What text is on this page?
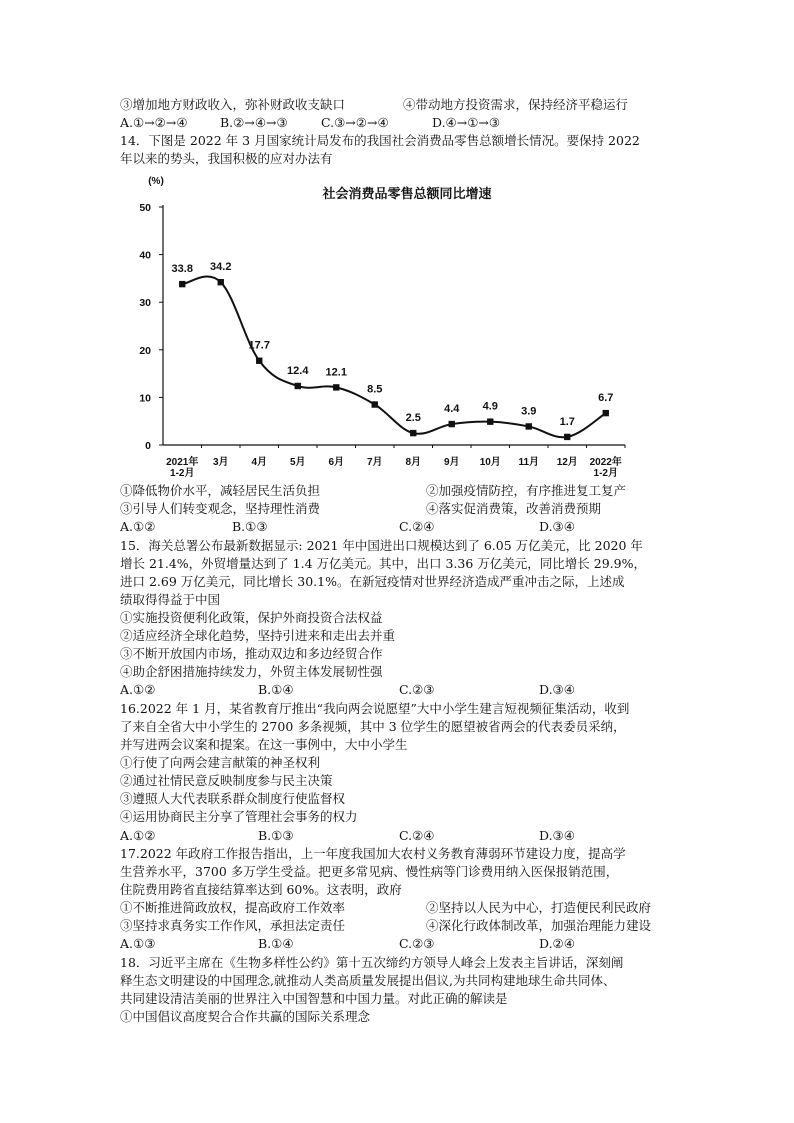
③增加地方财政收入，弥补财政收支缺口	④带动地方投资需求，保持经济平稳运行
A.①→②→④	B.②→④→③	C.③→②→④	D.④→①→③
14．下图是 2022 年 3 月国家统计局发布的我国社会消费品零售总额增长情况。要保持 2022
年以来的势头，我国积极的应对办法有
社会消费品零售总额同比增速
(%)
0
10
20
30
40
50
2021年 1-2月
3月 4月 5月 6月 7月 8月 9月 10月 11月 12月 2022年 1-2月
33.8 34.2
17.7
12.4 12.1
8.5
2.5
4.4 4.9 3.9
1.7
6.7
①降低物价水平，减轻居民生活负担	②加强疫情防控，有序推进复工复产
③引导人们转变观念，坚持理性消费	④落实促消费策，改善消费预期
A.①②	B.①③	C.②④	D.③④
15．海关总署公布最新数据显示: 2021 年中国进出口规模达到了 6.05 万亿美元，比 2020 年
增长 21.4%，外贸增量达到了 1.4 万亿美元。其中，出口 3.36 万亿美元，同比增长 29.9%，
进口 2.69 万亿美元，同比增长 30.1%。在新冠疫情对世界经济造成严重冲击之际，上述成
绩取得得益于中国
①实施投资便利化政策，保护外商投资合法权益
②适应经济全球化趋势，坚持引进来和走出去并重
③不断开放国内市场，推动双边和多边经贸合作
④助企舒困措施持续发力，外贸主体发展韧性强
A.①②	B.①④	C.②③	D.③④
16.2022 年 1 月，某省教育厅推出“我向两会说愿望”大中小学生建言短视频征集活动，收到
了来自全省大中小学生的 2700 多条视频，其中 3 位学生的愿望被省两会的代表委员采纳，
并写进两会议案和提案。在这一事例中，大中小学生
①行使了向两会建言献策的神圣权利
②通过社情民意反映制度参与民主决策
③遵照人大代表联系群众制度行使监督权
④运用协商民主分享了管理社会事务的权力
A.①②	B.①③	C.②④	D.③④
17.2022 年政府工作报告指出，上一年度我国加大农村义务教育薄弱环节建设力度，提高学
生营养水平，3700 多万学生受益。把更多常见病、慢性病等门诊费用纳入医保报销范围，
住院费用跨省直接结算率达到 60%。这表明，政府
①不断推进简政放权，提高政府工作效率	②坚持以人民为中心，打造便民利民政府
③坚持求真务实工作作风，承担法定责任	④深化行政体制改革，加强治理能力建设
A.①③	B.①④	C.②③	D.②④
18．习近平主席在《生物多样性公约》第十五次缔约方领导人峰会上发表主旨讲话，深刻阐
释生态文明建设的中国理念,就推动人类高质量发展提出倡议,为共同构建地球生命共同体、
共同建设清洁美丽的世界注入中国智慧和中国力量。对此正确的解读是
①中国倡议高度契合合作共赢的国际关系理念
